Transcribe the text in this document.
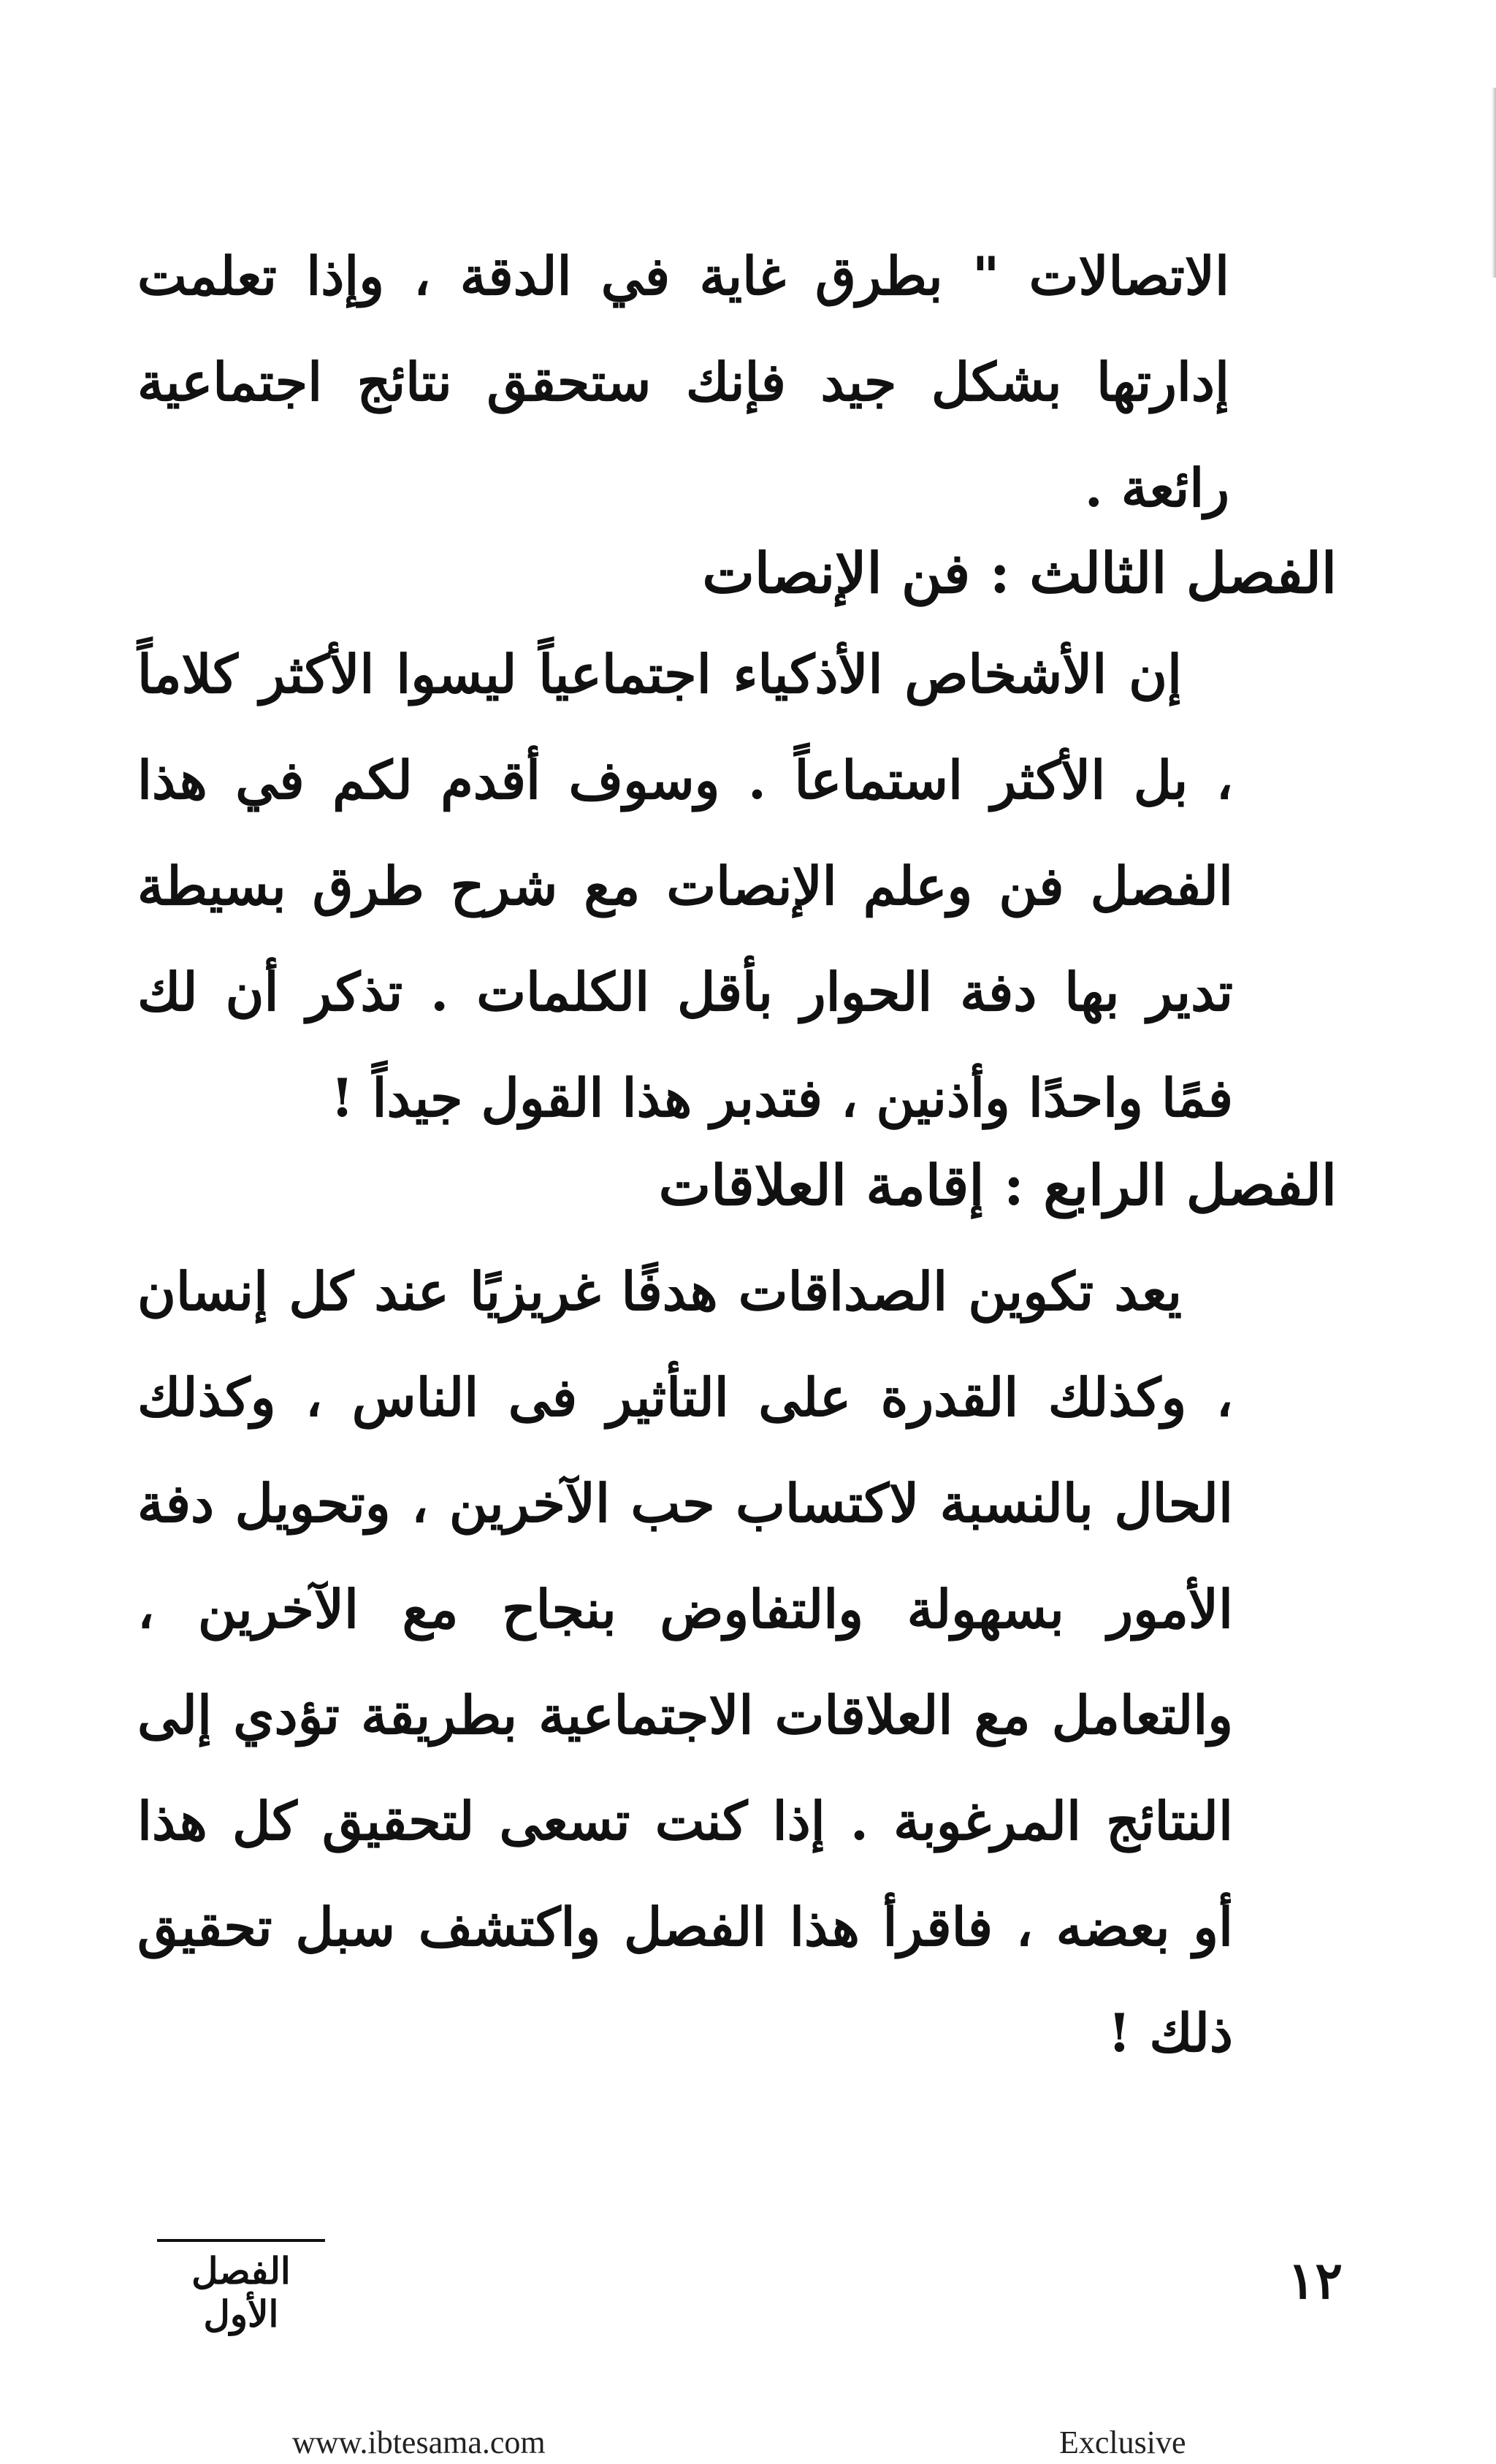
الاتصالات " بطرق غاية في الدقة ، وإذا تعلمت إدارتها بشكل جيد فإنك ستحقق نتائج اجتماعية رائعة .

الفصل الثالث : فن الإنصات

إن الأشخاص الأذكياء اجتماعياً ليسوا الأكثر كلاماً ، بل الأكثر استماعاً . وسوف أقدم لكم في هذا الفصل فن وعلم الإنصات مع شرح طرق بسيطة تدير بها دفة الحوار بأقل الكلمات . تذكر أن لك فمًا واحدًا وأذنين ، فتدبر هذا القول جيداً !

الفصل الرابع : إقامة العلاقات

يعد تكوين الصداقات هدفًا غريزيًا عند كل إنسان ، وكذلك القدرة على التأثير فى الناس ، وكذلك الحال بالنسبة لاكتساب حب الآخرين ، وتحويل دفة الأمور بسهولة والتفاوض بنجاح مع الآخرين ، والتعامل مع العلاقات الاجتماعية بطريقة تؤدي إلى النتائج المرغوبة . إذا كنت تسعى لتحقيق كل هذا أو بعضه ، فاقرأ هذا الفصل واكتشف سبل تحقيق ذلك !

١٢
الفصل الأول
www.ibtesama.com	Exclusive
